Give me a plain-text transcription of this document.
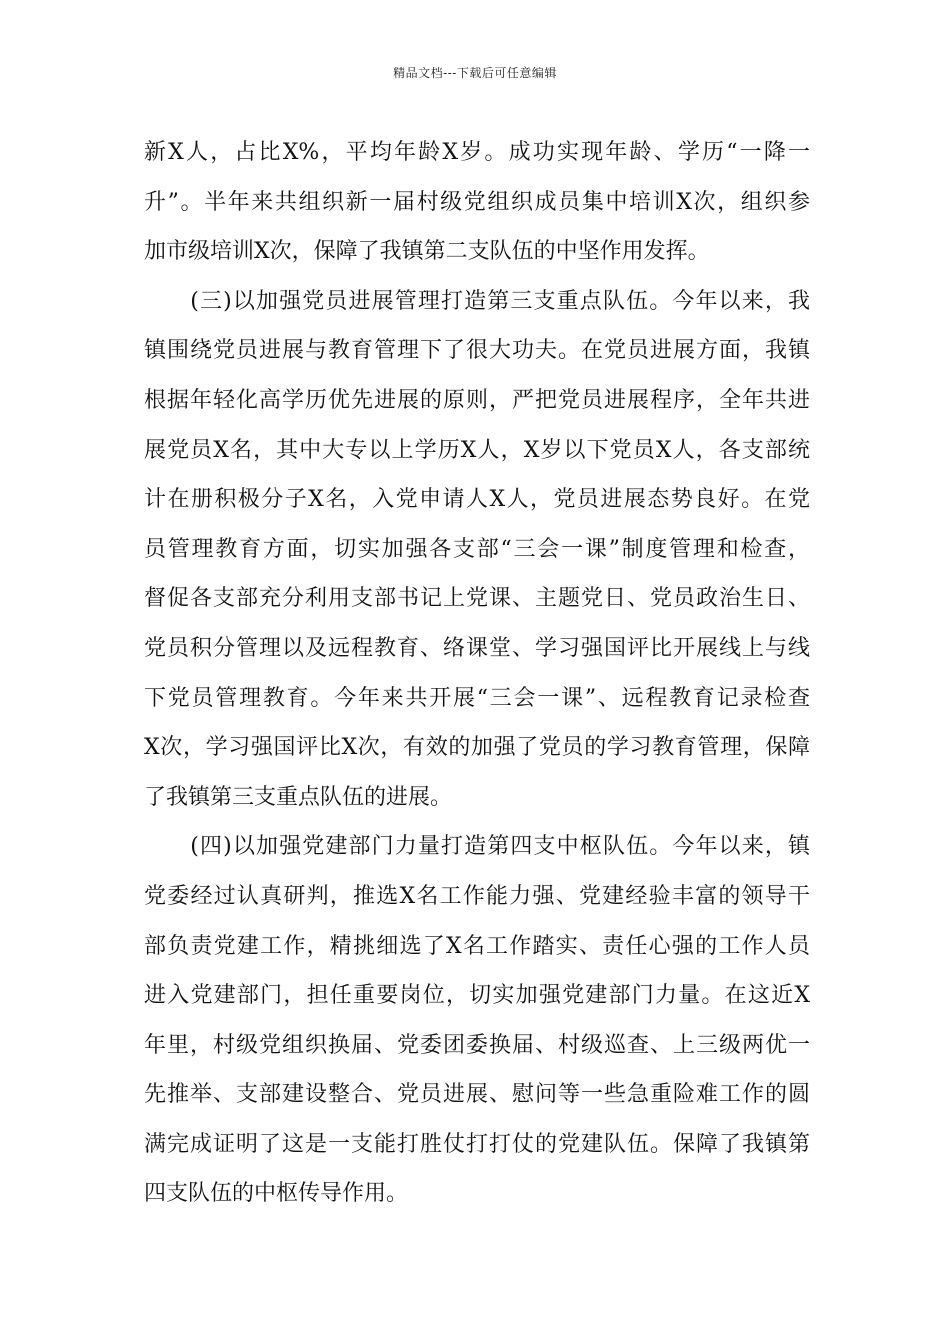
精品文档---下载后可任意编辑
新X人，占比X%，平均年龄X岁。成功实现年龄、学历“一降一
升”。半年来共组织新一届村级党组织成员集中培训X次，组织参
加市级培训X次，保障了我镇第二支队伍的中坚作用发挥。
　　(三)以加强党员进展管理打造第三支重点队伍。今年以来，我
镇围绕党员进展与教育管理下了很大功夫。在党员进展方面，我镇
根据年轻化高学历优先进展的原则，严把党员进展程序，全年共进
展党员X名，其中大专以上学历X人，X岁以下党员X人，各支部统
计在册积极分子X名，入党申请人X人，党员进展态势良好。在党
员管理教育方面，切实加强各支部“三会一课”制度管理和检查，
督促各支部充分利用支部书记上党课、主题党日、党员政治生日、
党员积分管理以及远程教育、络课堂、学习强国评比开展线上与线
下党员管理教育。今年来共开展“三会一课”、远程教育记录检查
X次，学习强国评比X次，有效的加强了党员的学习教育管理，保障
了我镇第三支重点队伍的进展。
　　(四)以加强党建部门力量打造第四支中枢队伍。今年以来，镇
党委经过认真研判，推选X名工作能力强、党建经验丰富的领导干
部负责党建工作，精挑细选了X名工作踏实、责任心强的工作人员
进入党建部门，担任重要岗位，切实加强党建部门力量。在这近X
年里，村级党组织换届、党委团委换届、村级巡查、上三级两优一
先推举、支部建设整合、党员进展、慰问等一些急重险难工作的圆
满完成证明了这是一支能打胜仗打打仗的党建队伍。保障了我镇第
四支队伍的中枢传导作用。
